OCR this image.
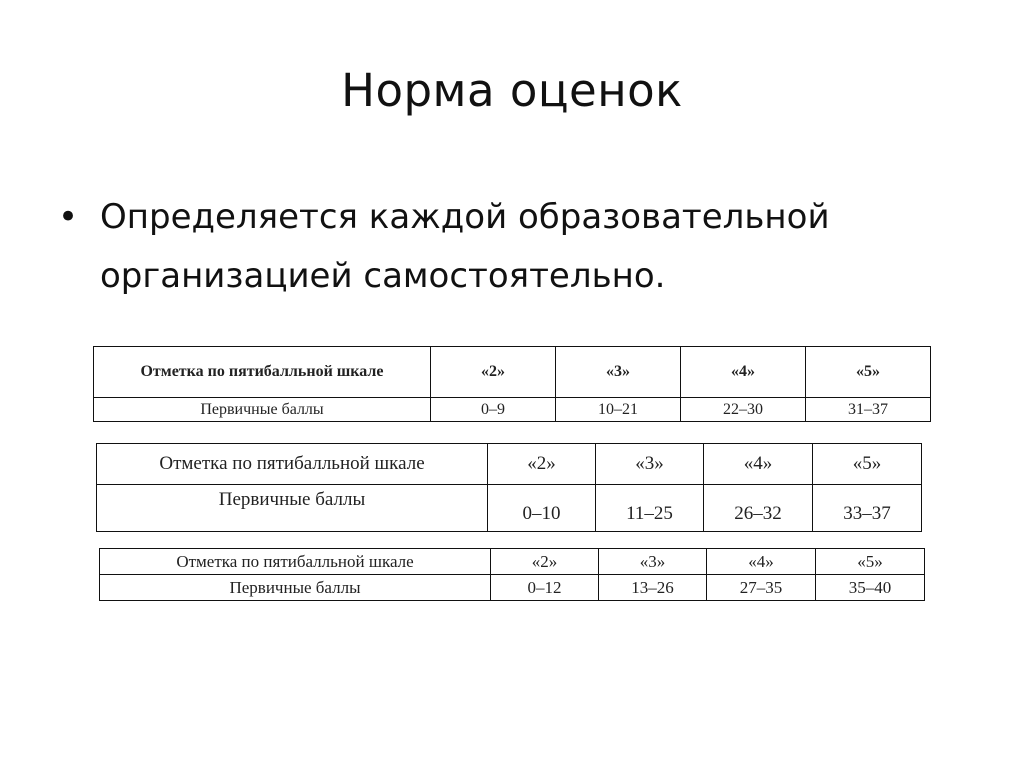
Норма оценок
• Определяется каждой образовательной организацией самостоятельно.
Отметка по пятибалльной шкале	«2»	«3»	«4»	«5»
Первичные баллы	0–9	10–21	22–30	31–37
Отметка по пятибалльной шкале	«2»	«3»	«4»	«5»
Первичные баллы	0–10	11–25	26–32	33–37
Отметка по пятибалльной шкале	«2»	«3»	«4»	«5»
Первичные баллы	0–12	13–26	27–35	35–40
